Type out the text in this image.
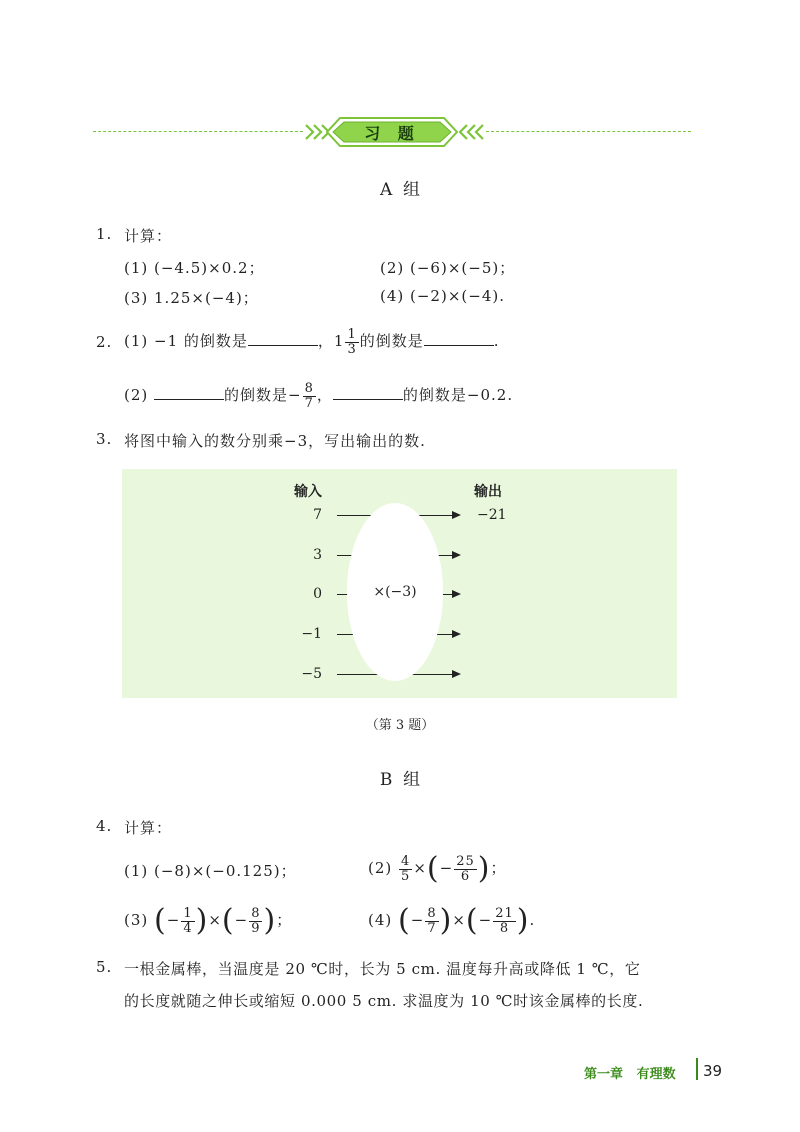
习 题
A  组
1. 计算：
(1) (−4.5)×0.2；	(2) (−6)×(−5)；
(3) 1.25×(−4)；	(4) (−2)×(−4).
2. (1) −1 的倒数是	，$1 \frac{1}{3}$ 的倒数是	.
(2)	的倒数是− $\frac{8}{7}$ ，	的倒数是−0.2.
3. 将图中输入的数分别乘−3，写出输出的数.
输入	输出
×(−3)
7
3
0
−1
−5
−21
（第 3 题）
B  组
4. 计算：
(1) (−8)×(−0.125)；	$(2) \frac{4}{5}$ ×(− $\frac{25}{6}$ )；
(3) (− $\frac{1}{4}$ )×(− $\frac{8}{9}$ )；	(4) (− $\frac{8}{7}$ )×(− $\frac{21}{8}$ ).
5. 一根金属棒，当温度是 20 ℃时，长为 5 cm. 温度每升高或降低 1 ℃，它
的长度就随之伸长或缩短 0.000 5 cm. 求温度为 10 ℃时该金属棒的长度.
第一章   有理数 39
